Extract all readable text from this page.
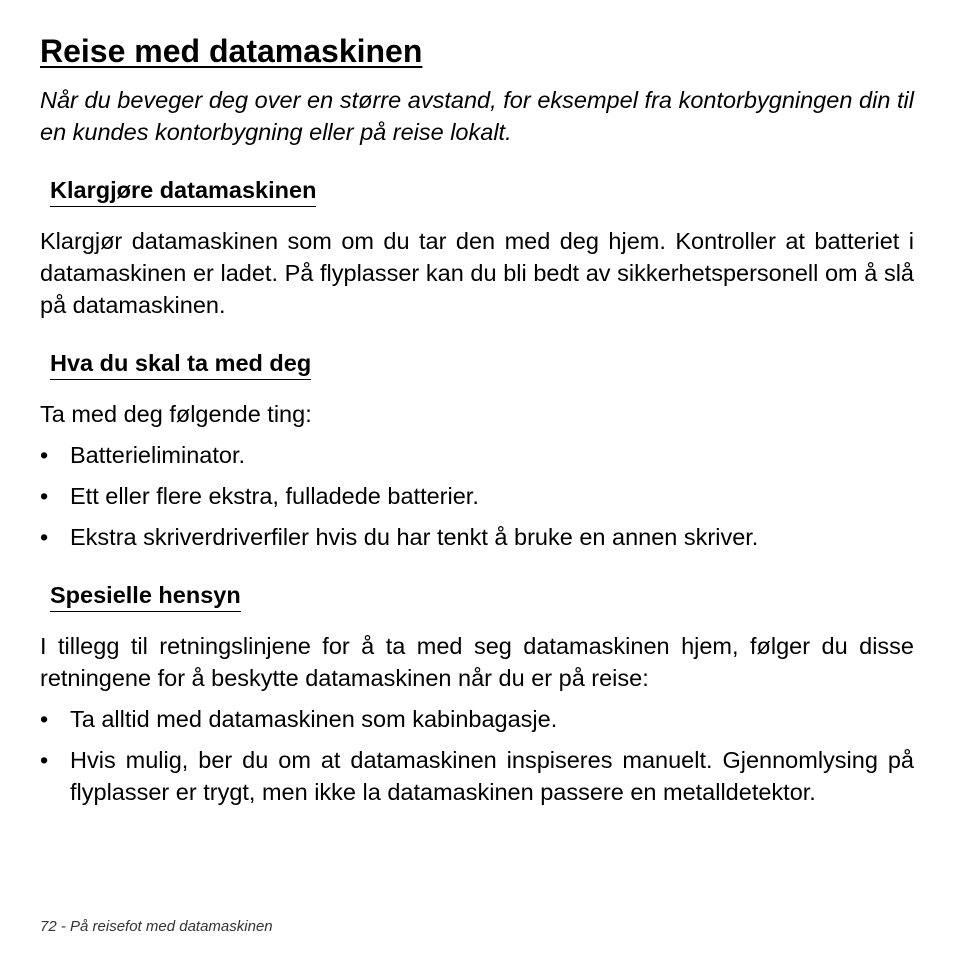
Reise med datamaskinen

Når du beveger deg over en større avstand, for eksempel fra kontorbygningen din til en kundes kontorbygning eller på reise lokalt.

Klargjøre datamaskinen

Klargjør datamaskinen som om du tar den med deg hjem. Kontroller at batteriet i datamaskinen er ladet. På flyplasser kan du bli bedt av sikkerhetspersonell om å slå på datamaskinen.

Hva du skal ta med deg

Ta med deg følgende ting:

• Batterieliminator.
• Ett eller flere ekstra, fulladede batterier.
• Ekstra skriverdriverfiler hvis du har tenkt å bruke en annen skriver.
Spesielle hensyn

I tillegg til retningslinjene for å ta med seg datamaskinen hjem, følger du disse retningene for å beskytte datamaskinen når du er på reise:

• Ta alltid med datamaskinen som kabinbagasje.
• Hvis mulig, ber du om at datamaskinen inspiseres manuelt. Gjennomlysing på flyplasser er trygt, men ikke la datamaskinen passere en metalldetektor.
72 - På reisefot med datamaskinen
